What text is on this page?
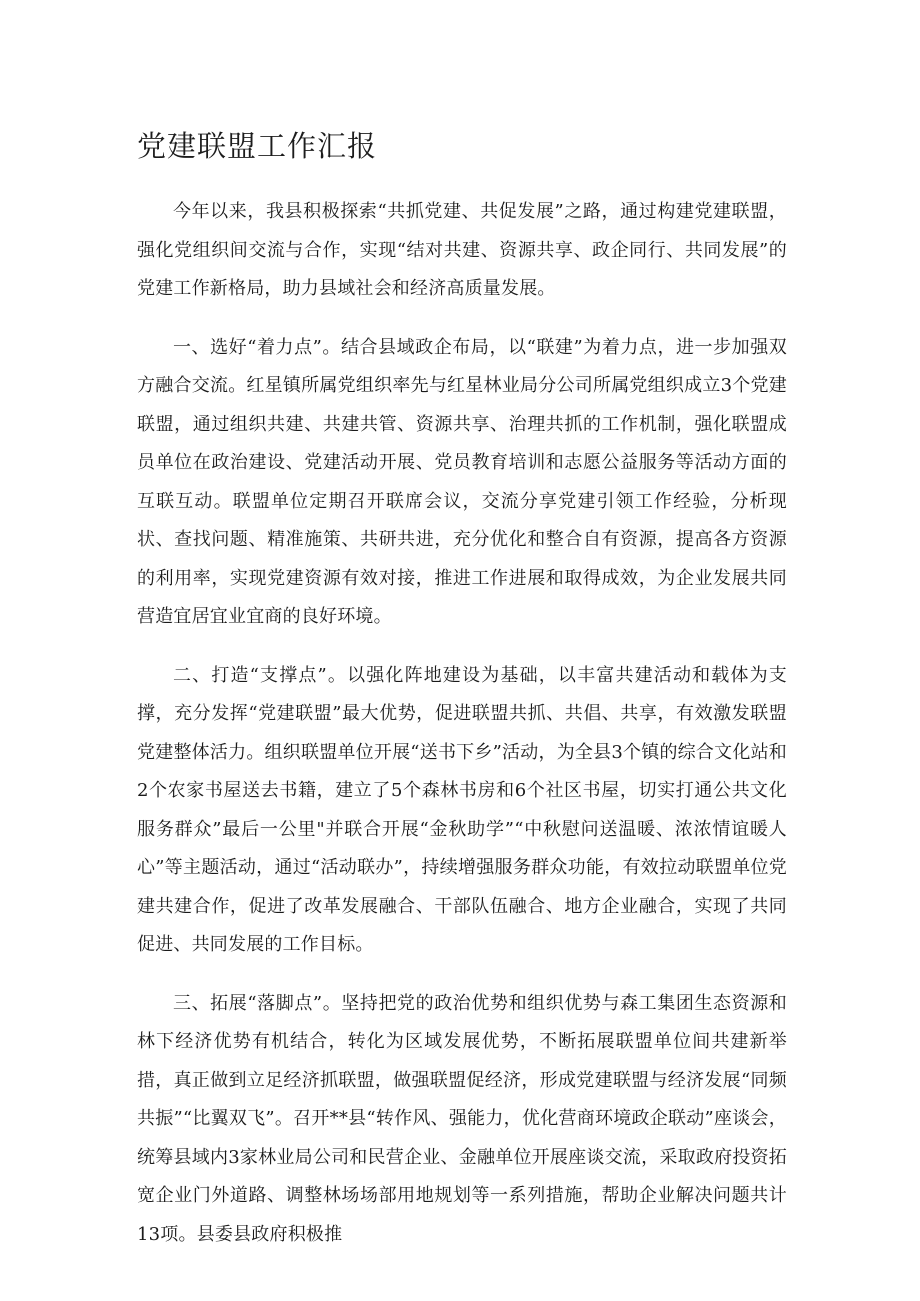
党建联盟工作汇报

今年以来，我县积极探索“共抓党建、共促发展”之路，通过构建党建联盟，强化党组织间交流与合作，实现“结对共建、资源共享、政企同行、共同发展”的党建工作新格局，助力县域社会和经济高质量发展。

一、选好“着力点”。结合县域政企布局，以“联建”为着力点，进一步加强双方融合交流。红星镇所属党组织率先与红星林业局分公司所属党组织成立3个党建联盟，通过组织共建、共建共管、资源共享、治理共抓的工作机制，强化联盟成员单位在政治建设、党建活动开展、党员教育培训和志愿公益服务等活动方面的互联互动。联盟单位定期召开联席会议，交流分享党建引领工作经验，分析现状、查找问题、精准施策、共研共进，充分优化和整合自有资源，提高各方资源的利用率，实现党建资源有效对接，推进工作进展和取得成效，为企业发展共同营造宜居宜业宜商的良好环境。

二、打造“支撑点”。以强化阵地建设为基础，以丰富共建活动和载体为支撑，充分发挥“党建联盟”最大优势，促进联盟共抓、共倡、共享，有效激发联盟党建整体活力。组织联盟单位开展“送书下乡”活动，为全县3个镇的综合文化站和2个农家书屋送去书籍，建立了5个森林书房和6个社区书屋，切实打通公共文化服务群众”最后一公里"并联合开展“金秋助学”“中秋慰问送温暖、浓浓情谊暖人心”等主题活动，通过“活动联办”，持续增强服务群众功能，有效拉动联盟单位党建共建合作，促进了改革发展融合、干部队伍融合、地方企业融合，实现了共同促进、共同发展的工作目标。

三、拓展“落脚点”。坚持把党的政治优势和组织优势与森工集团生态资源和林下经济优势有机结合，转化为区域发展优势，不断拓展联盟单位间共建新举措，真正做到立足经济抓联盟，做强联盟促经济，形成党建联盟与经济发展“同频共振”“比翼双飞”。召开**县“转作风、强能力，优化营商环境政企联动”座谈会，统筹县域内3家林业局公司和民营企业、金融单位开展座谈交流，采取政府投资拓宽企业门外道路、调整林场场部用地规划等一系列措施，帮助企业解决问题共计13项。县委县政府积极推
